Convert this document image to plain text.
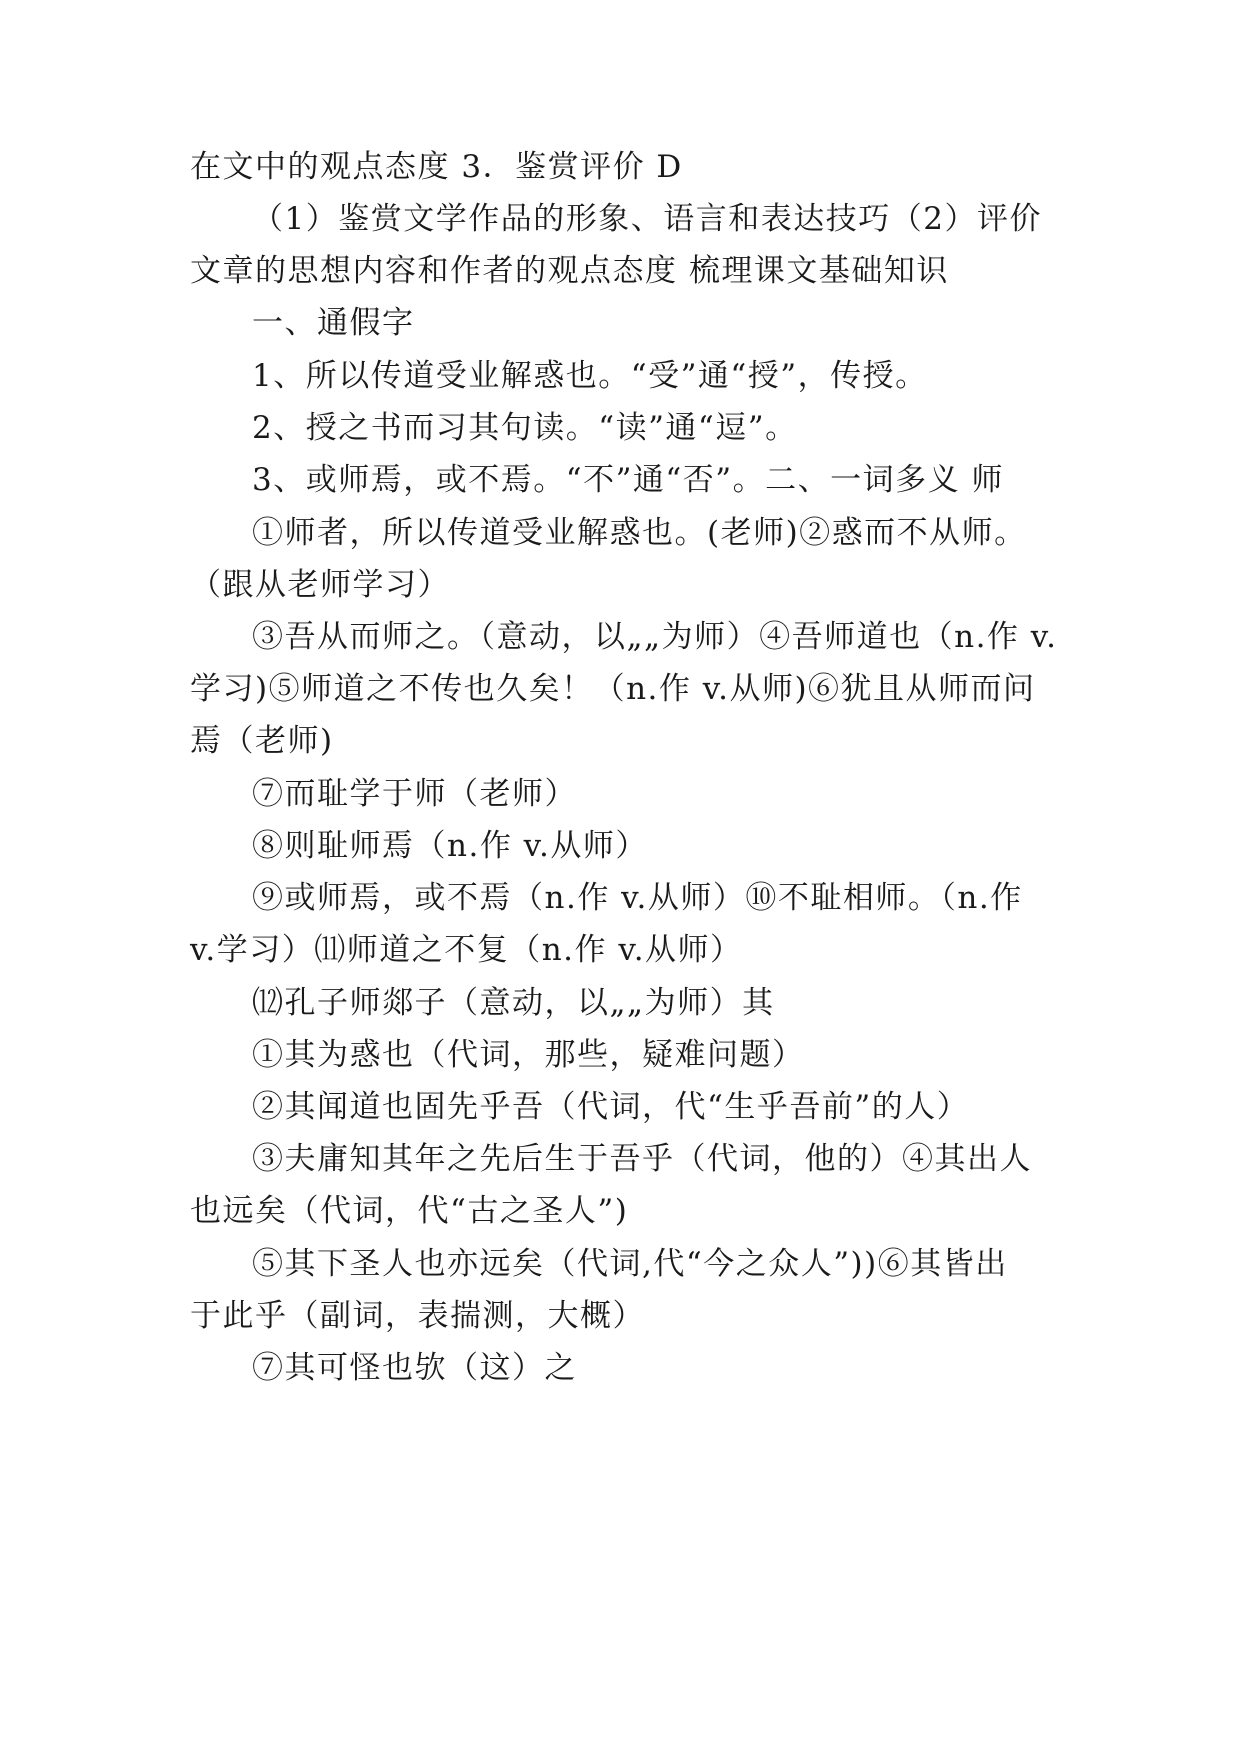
在文中的观点态度 3．鉴赏评价 D
（1）鉴赏文学作品的形象、语言和表达技巧（2）评价
文章的思想内容和作者的观点态度 梳理课文基础知识
一、通假字
1、所以传道受业解惑也。“受”通“授”，传授。
2、授之书而习其句读。“读”通“逗”。
3、或师焉，或不焉。“不”通“否”。二、一词多义 师
①师者，所以传道受业解惑也。(老师)②惑而不从师。
（跟从老师学习）
③吾从而师之。（意动，以„„为师）④吾师道也（n.作 v.
学习)⑤师道之不传也久矣！（n.作 v.从师)⑥犹且从师而问
焉（老师)
⑦而耻学于师（老师）
⑧则耻师焉（n.作 v.从师）
⑨或师焉，或不焉（n.作 v.从师）⑩不耻相师。（n.作
v.学习）⑾师道之不复（n.作 v.从师）
⑿孔子师郯子（意动，以„„为师）其
①其为惑也（代词，那些，疑难问题）
②其闻道也固先乎吾（代词，代“生乎吾前”的人）
③夫庸知其年之先后生于吾乎（代词，他的）④其出人
也远矣（代词，代“古之圣人”)
⑤其下圣人也亦远矣（代词,代“今之众人”))⑥其皆出
于此乎（副词，表揣测，大概）
⑦其可怪也欤（这）之
